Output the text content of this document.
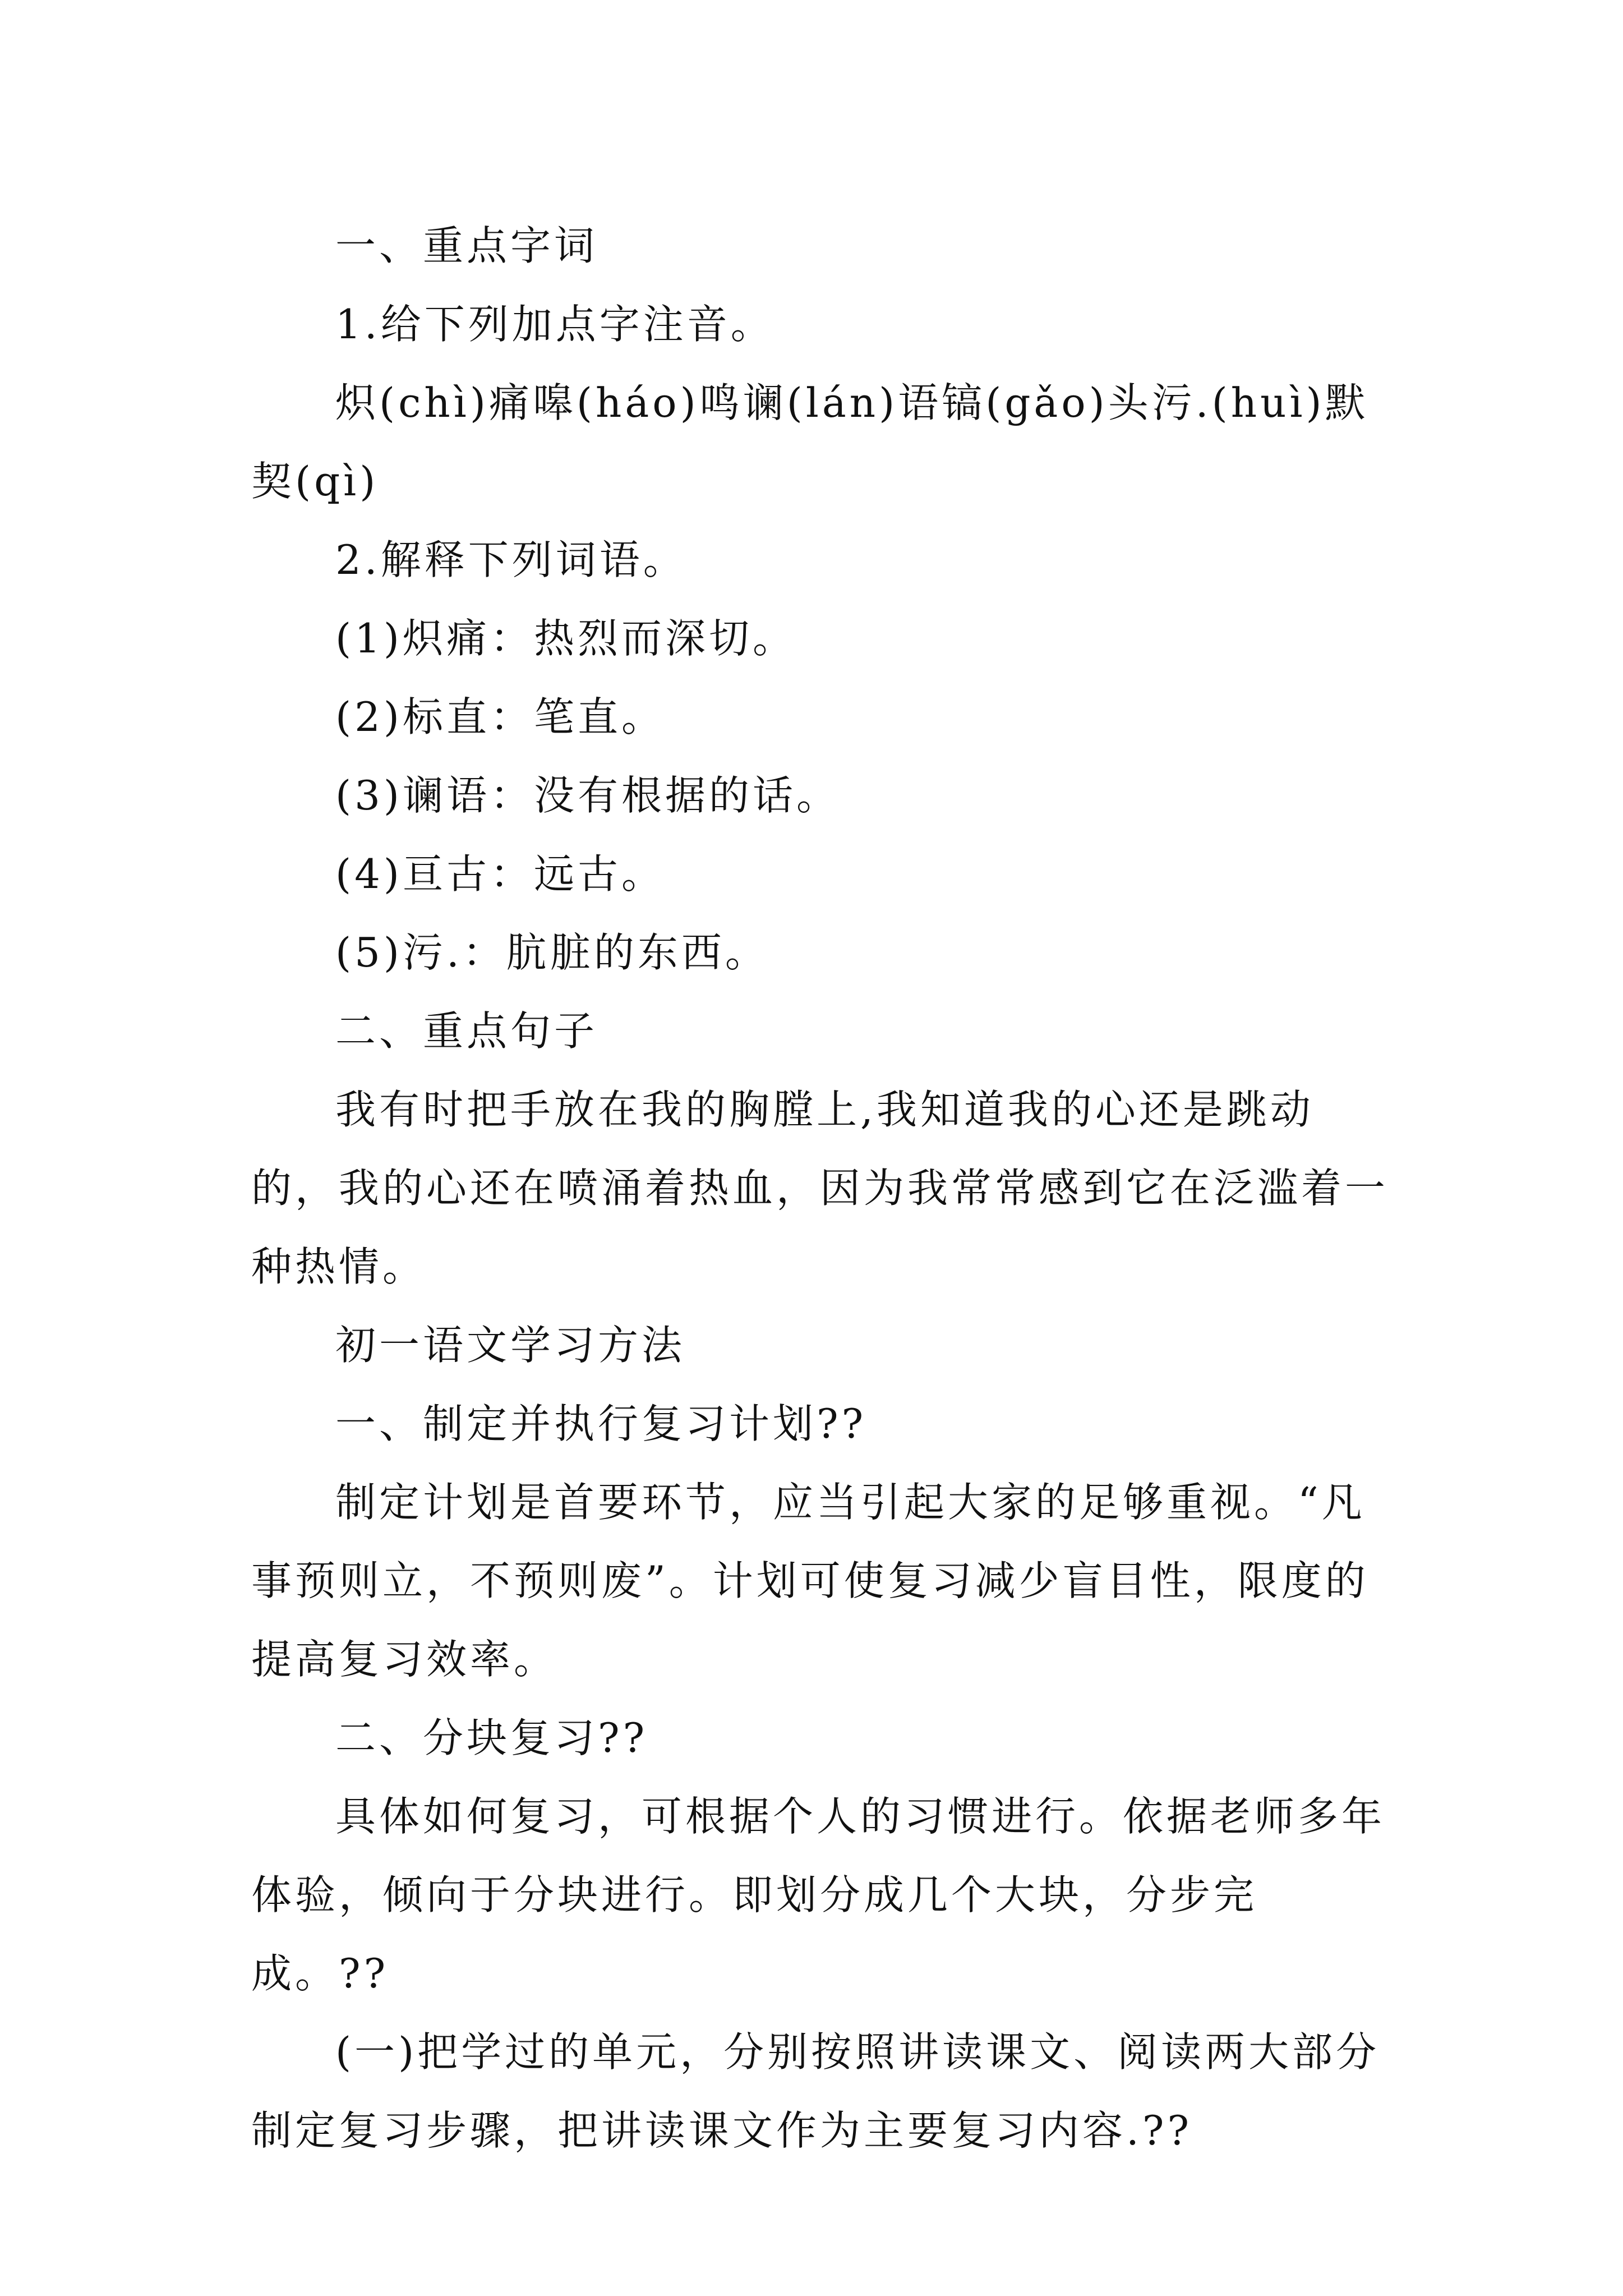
一、重点字词

1.给下列加点字注音。

炽(chì)痛嗥(háo)鸣谰(lán)语镐(gǎo)头污.(huì)默契(qì)

2.解释下列词语。

(1)炽痛：热烈而深切。

(2)标直：笔直。

(3)谰语：没有根据的话。

(4)亘古：远古。

(5)污.：肮脏的东西。

二、重点句子

我有时把手放在我的胸膛上,我知道我的心还是跳动的，我的心还在喷涌着热血，因为我常常感到它在泛滥着一种热情。

初一语文学习方法

一、制定并执行复习计划??

制定计划是首要环节，应当引起大家的足够重视。“凡事预则立，不预则废”。计划可使复习减少盲目性，限度的提高复习效率。

二、分块复习??

具体如何复习，可根据个人的习惯进行。依据老师多年体验，倾向于分块进行。即划分成几个大块，分步完成。??

(一)把学过的单元，分别按照讲读课文、阅读两大部分制定复习步骤，把讲读课文作为主要复习内容.??
